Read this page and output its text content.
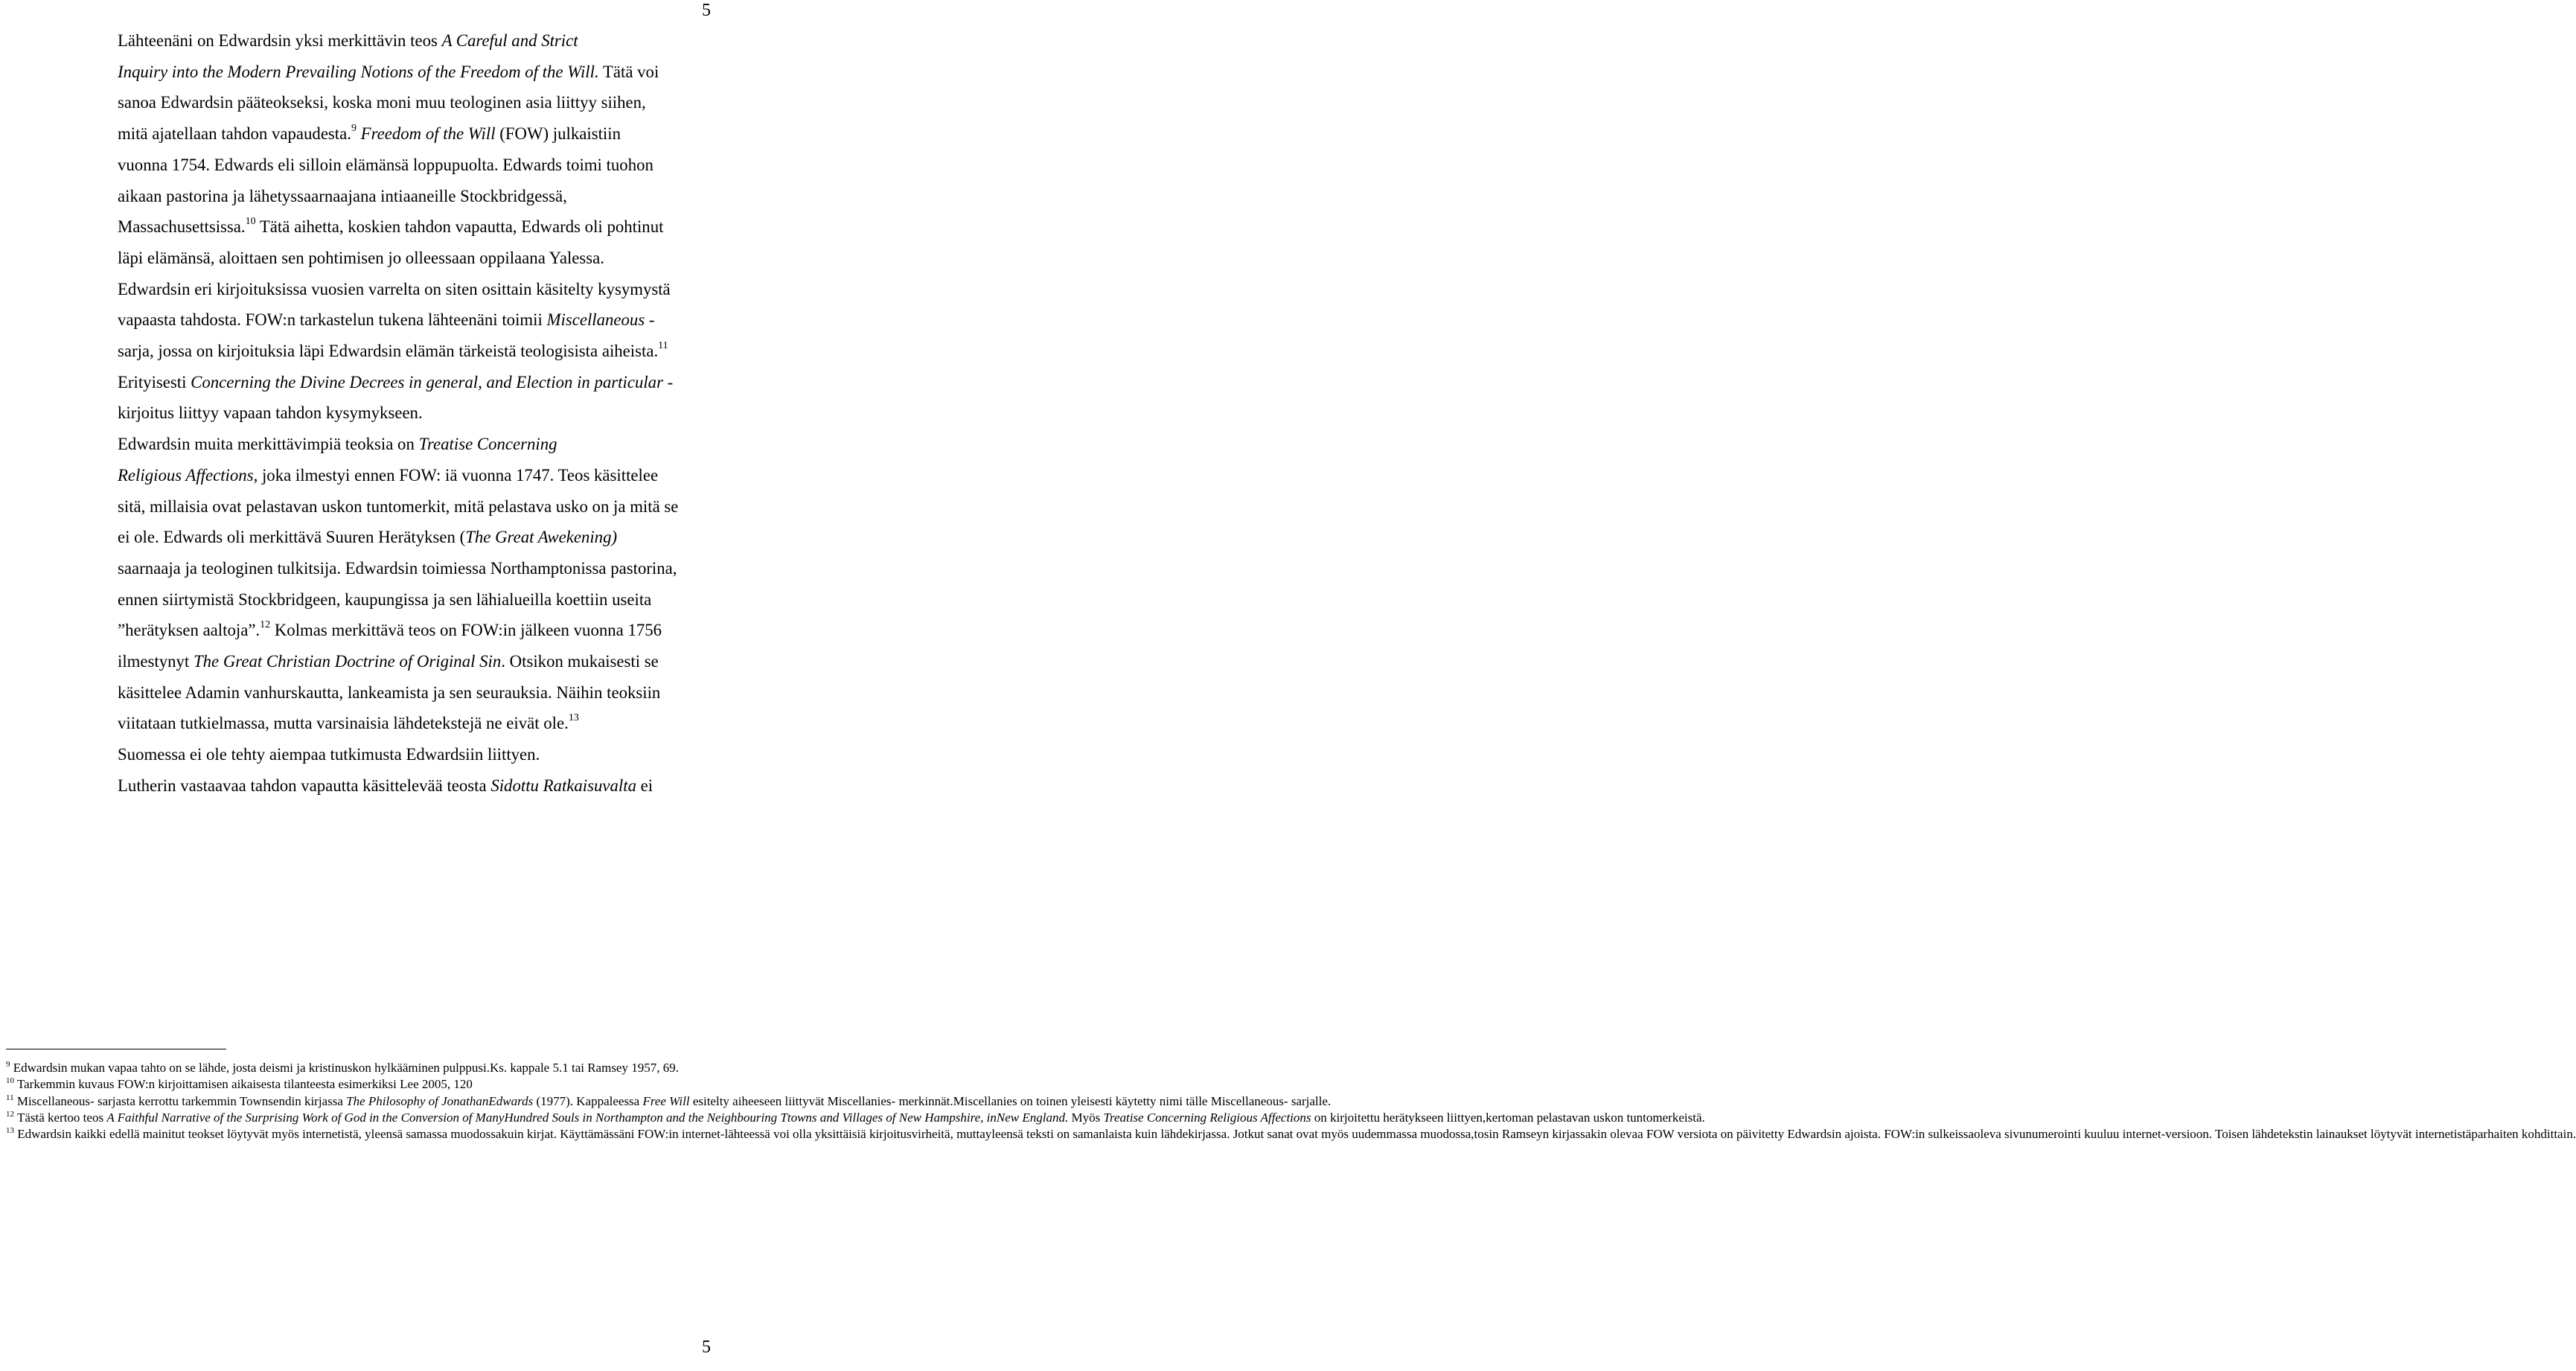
5

Lähteenäni on Edwardsin yksi merkittävin teos A Careful and Strict
Inquiry into the Modern Prevailing Notions of the Freedom of the Will. Tätä voi
sanoa Edwardsin pääteokseksi, koska moni muu teologinen asia liittyy siihen,
mitä ajatellaan tahdon vapaudesta.$^9$ Freedom of the Will (FOW) julkaistiin
vuonna 1754. Edwards eli silloin elämänsä loppupuolta. Edwards toimi tuohon
aikaan pastorina ja lähetyssaarnaajana intiaaneille Stockbridgessä,
Massachusettsissa.$^{10}$ Tätä aihetta, koskien tahdon vapautta, Edwards oli pohtinut
läpi elämänsä, aloittaen sen pohtimisen jo olleessaan oppilaana Yalessa.
Edwardsin eri kirjoituksissa vuosien varrelta on siten osittain käsitelty kysymystä
vapaasta tahdosta. FOW:n tarkastelun tukena lähteenäni toimii Miscellaneous -
sarja, jossa on kirjoituksia läpi Edwardsin elämän tärkeistä teologisista aiheista.$^{11}$
Erityisesti Concerning the Divine Decrees in general, and Election in particular -
kirjoitus liittyy vapaan tahdon kysymykseen.

Edwardsin muita merkittävimpiä teoksia on Treatise Concerning
Religious Affections, joka ilmestyi ennen FOW: iä vuonna 1747. Teos käsittelee
sitä, millaisia ovat pelastavan uskon tuntomerkit, mitä pelastava usko on ja mitä se
ei ole. Edwards oli merkittävä Suuren Herätyksen (The Great Awekening)
saarnaaja ja teologinen tulkitsija. Edwardsin toimiessa Northamptonissa pastorina,
ennen siirtymistä Stockbridgeen, kaupungissa ja sen lähialueilla koettiin useita
”herätyksen aaltoja”.$^{12}$ Kolmas merkittävä teos on FOW:in jälkeen vuonna 1756
ilmestynyt The Great Christian Doctrine of Original Sin. Otsikon mukaisesti se
käsittelee Adamin vanhurskautta, lankeamista ja sen seurauksia. Näihin teoksiin
viitataan tutkielmassa, mutta varsinaisia lähdetekstejä ne eivät ole.$^{13}$

Suomessa ei ole tehty aiempaa tutkimusta Edwardsiin liittyen.
Lutherin vastaavaa tahdon vapautta käsittelevää teosta Sidottu Ratkaisuvalta ei

$^9$ Edwardsin mukan vapaa tahto on se lähde, josta deismi ja kristinuskon hylkääminen pulppusi.Ks. kappale 5.1 tai Ramsey 1957, 69.
$^{10}$ Tarkemmin kuvaus FOW:n kirjoittamisen aikaisesta tilanteesta esimerkiksi Lee 2005, 120
$^{11}$ Miscellaneous- sarjasta kerrottu tarkemmin Townsendin kirjassa The Philosophy of JonathanEdwards (1977). Kappaleessa Free Will esitelty aiheeseen liittyvät Miscellanies- merkinnät.Miscellanies on toinen yleisesti käytetty nimi tälle Miscellaneous- sarjalle.
$^{12}$ Tästä kertoo teos A Faithful Narrative of the Surprising Work of God in the Conversion of ManyHundred Souls in Northampton and the Neighbouring Ttowns and Villages of New Hampshire, inNew England. Myös Treatise Concerning Religious Affections on kirjoitettu herätykseen liittyen,kertoman pelastavan uskon tuntomerkeistä.
$^{13}$ Edwardsin kaikki edellä mainitut teokset löytyvät myös internetistä, yleensä samassa muodossakuin kirjat. Käyttämässäni FOW:in internet-lähteessä voi olla yksittäisiä kirjoitusvirheitä, muttayleensä teksti on samanlaista kuin lähdekirjassa. Jotkut sanat ovat myös uudemmassa muodossa,tosin Ramseyn kirjassakin olevaa FOW versiota on päivitetty Edwardsin ajoista. FOW:in sulkeissaoleva sivunumerointi kuuluu internet-versioon. Toisen lähdetekstin lainaukset löytyvät internetistäparhaiten kohdittain.
5
